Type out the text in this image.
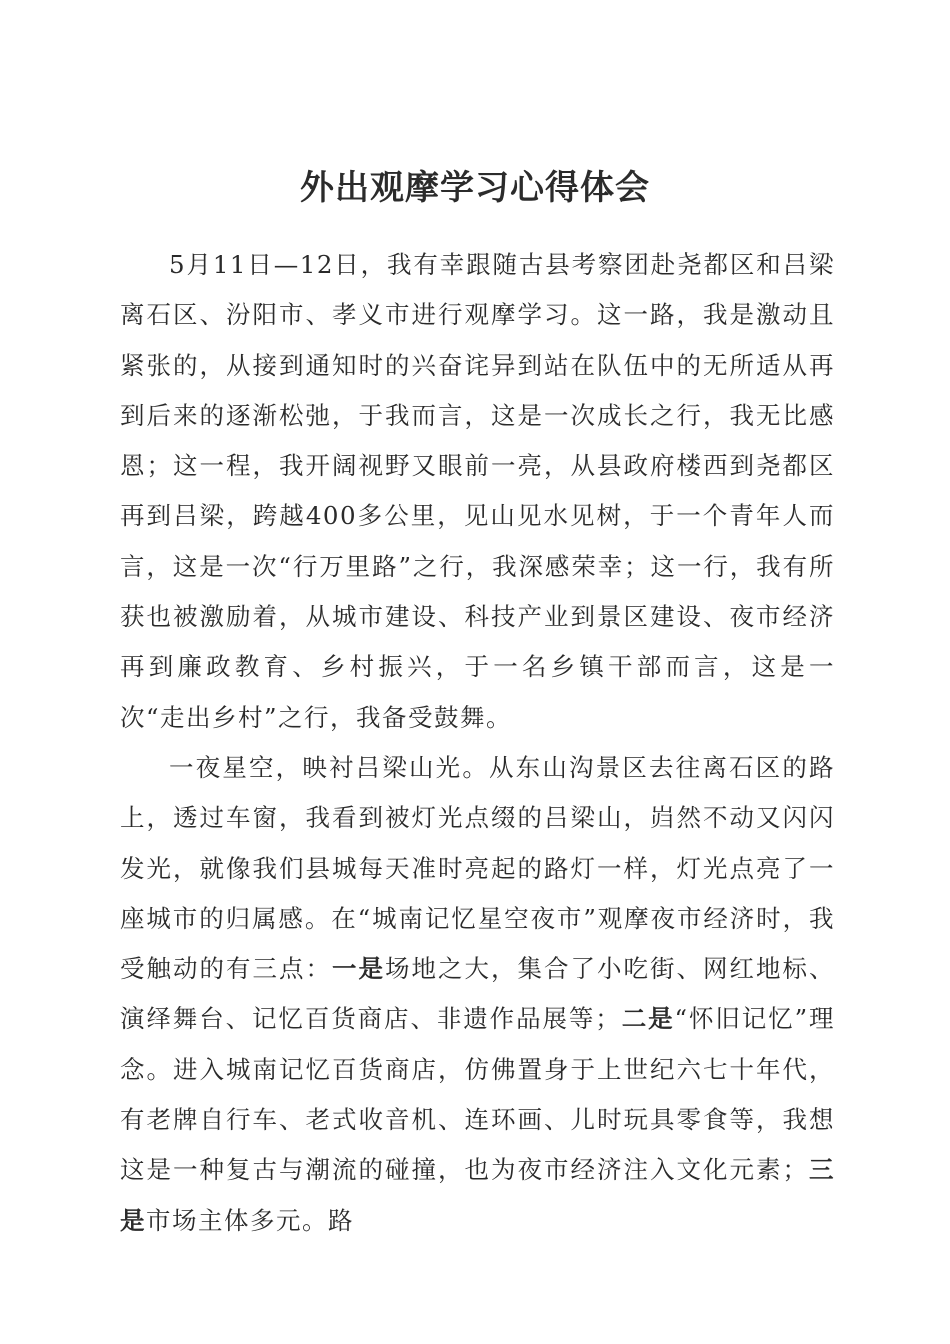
外出观摩学习心得体会

5月11日—12日，我有幸跟随古县考察团赴尧都区和吕梁离石区、汾阳市、孝义市进行观摩学习。这一路，我是激动且紧张的，从接到通知时的兴奋诧异到站在队伍中的无所适从再到后来的逐渐松弛，于我而言，这是一次成长之行，我无比感恩；这一程，我开阔视野又眼前一亮，从县政府楼西到尧都区再到吕梁，跨越400多公里，见山见水见树，于一个青年人而言，这是一次“行万里路”之行，我深感荣幸；这一行，我有所获也被激励着，从城市建设、科技产业到景区建设、夜市经济再到廉政教育、乡村振兴，于一名乡镇干部而言，这是一次“走出乡村”之行，我备受鼓舞。

一夜星空，映衬吕梁山光。从东山沟景区去往离石区的路上，透过车窗，我看到被灯光点缀的吕梁山，岿然不动又闪闪发光，就像我们县城每天准时亮起的路灯一样，灯光点亮了一座城市的归属感。在“城南记忆星空夜市”观摩夜市经济时，我受触动的有三点：一是场地之大，集合了小吃街、网红地标、演绎舞台、记忆百货商店、非遗作品展等；二是“怀旧记忆”理念。进入城南记忆百货商店，仿佛置身于上世纪六七十年代，有老牌自行车、老式收音机、连环画、儿时玩具零食等，我想这是一种复古与潮流的碰撞，也为夜市经济注入文化元素；三是市场主体多元。路
